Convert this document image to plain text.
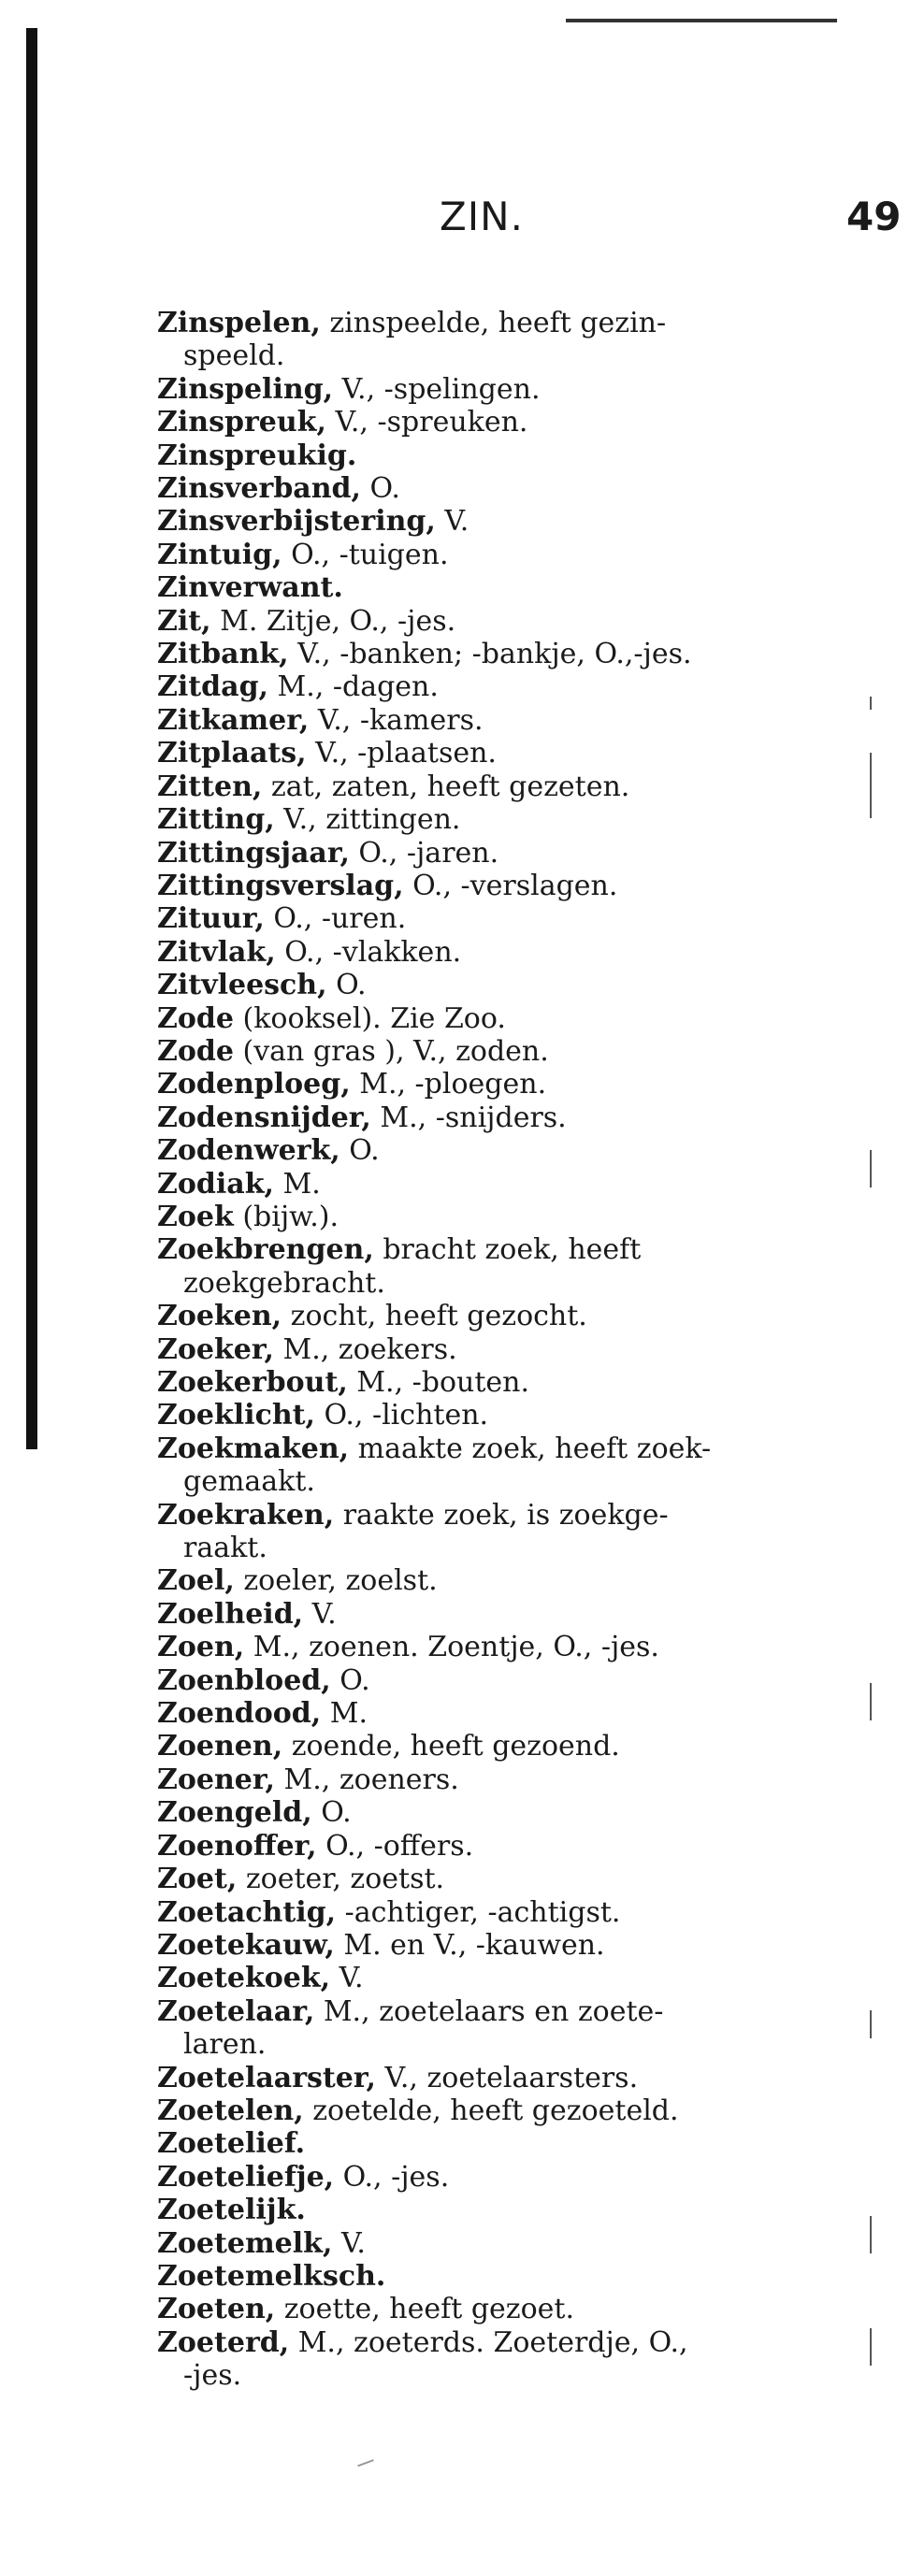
ZIN.	49

Zinspelen, zinspeelde, heeft gezin-
speeld.

Zinspeling, V., -spelingen.

Zinspreuk, V., -spreuken.

Zinspreukig.

Zinsverband, O.

Zinsverbijstering, V.

Zintuig, O., -tuigen.

Zinverwant.

Zit, M. Zitje, O., -jes.

Zitbank, V., -banken; -bankje, O.,-jes.

Zitdag, M., -dagen.

Zitkamer, V., -kamers.

Zitplaats, V., -plaatsen.

Zitten, zat, zaten, heeft gezeten.

Zitting, V., zittingen.

Zittingsjaar, O., -jaren.

Zittingsverslag, O., -verslagen.

Zituur, O., -uren.

Zitvlak, O., -vlakken.

Zitvleesch, O.

Zode (kooksel). Zie Zoo.

Zode (van gras ), V., zoden.

Zodenploeg, M., -ploegen.

Zodensnijder, M., -snijders.

Zodenwerk, O.

Zodiak, M.

Zoek (bijw.).

Zoekbrengen, bracht zoek, heeft
zoekgebracht.

Zoeken, zocht, heeft gezocht.

Zoeker, M., zoekers.

Zoekerbout, M., -bouten.

Zoeklicht, O., -lichten.

Zoekmaken, maakte zoek, heeft zoek-
gemaakt.

Zoekraken, raakte zoek, is zoekge-
raakt.

Zoel, zoeler, zoelst.

Zoelheid, V.

Zoen, M., zoenen. Zoentje, O., -jes.

Zoenbloed, O.

Zoendood, M.

Zoenen, zoende, heeft gezoend.

Zoener, M., zoeners.

Zoengeld, O.

Zoenoffer, O., -offers.

Zoet, zoeter, zoetst.

Zoetachtig, -achtiger, -achtigst.

Zoetekauw, M. en V., -kauwen.

Zoetekoek, V.

Zoetelaar, M., zoetelaars en zoete-
laren.

Zoetelaarster, V., zoetelaarsters.

Zoetelen, zoetelde, heeft gezoeteld.

Zoetelief.

Zoeteliefje, O., -jes.

Zoetelijk.

Zoetemelk, V.

Zoetemelksch.

Zoeten, zoette, heeft gezoet.

Zoeterd, M., zoeterds. Zoeterdje, O.,
-jes.
